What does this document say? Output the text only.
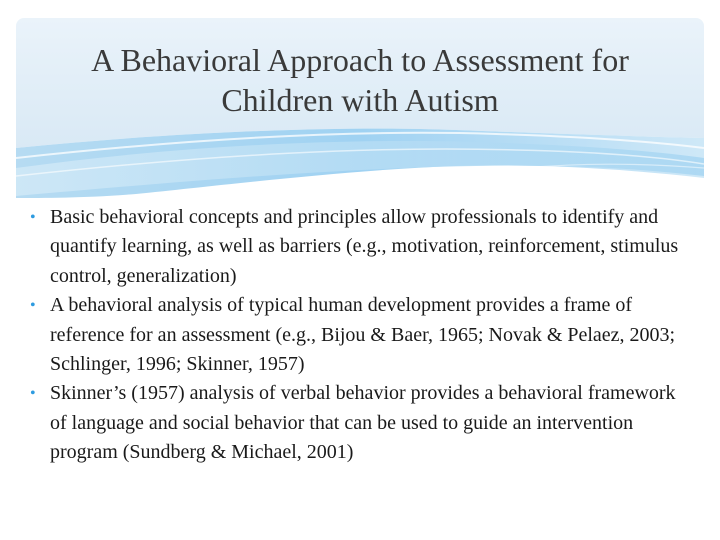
A Behavioral Approach to Assessment for
Children with Autism
• Basic behavioral concepts and principles allow professionals to identify and quantify learning, as well as barriers (e.g., motivation, reinforcement, stimulus control, generalization)
• A behavioral analysis of typical human development provides a frame of reference for an assessment (e.g., Bijou & Baer, 1965; Novak & Pelaez, 2003; Schlinger, 1996; Skinner, 1957)
• Skinner’s (1957) analysis of verbal behavior provides a behavioral framework of language and social behavior that can be used to guide an intervention program (Sundberg & Michael, 2001)
